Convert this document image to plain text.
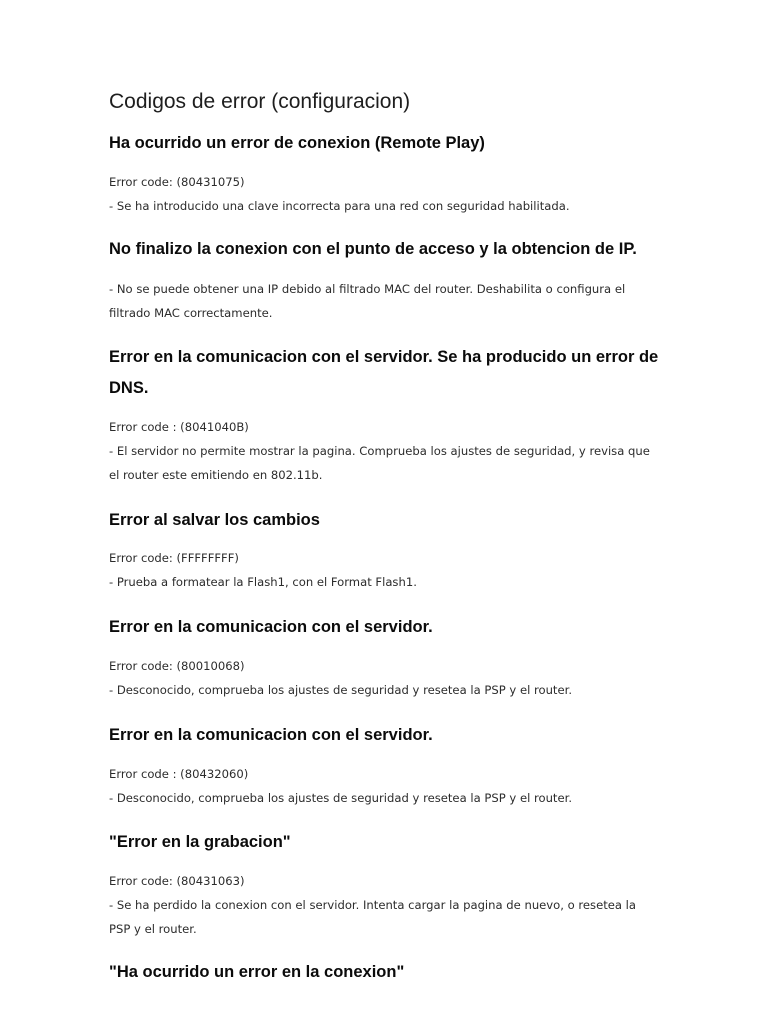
Codigos de error (configuracion)
Ha ocurrido un error de conexion (Remote Play)
Error code: (80431075)
- Se ha introducido una clave incorrecta para una red con seguridad habilitada.
No finalizo la conexion con el punto de acceso y la obtencion de IP.
- No se puede obtener una IP debido al filtrado MAC del router. Deshabilita o configura el
filtrado MAC correctamente.
Error en la comunicacion con el servidor. Se ha producido un error de
DNS.
Error code : (8041040B)
- El servidor no permite mostrar la pagina. Comprueba los ajustes de seguridad, y revisa que
el router este emitiendo en 802.11b.
Error al salvar los cambios
Error code: (FFFFFFFF)
- Prueba a formatear la Flash1, con el Format Flash1.
Error en la comunicacion con el servidor.
Error code: (80010068)
- Desconocido, comprueba los ajustes de seguridad y resetea la PSP y el router.
Error en la comunicacion con el servidor.
Error code : (80432060)
- Desconocido, comprueba los ajustes de seguridad y resetea la PSP y el router.
"Error en la grabacion"
Error code: (80431063)
- Se ha perdido la conexion con el servidor. Intenta cargar la pagina de nuevo, o resetea la
PSP y el router.
"Ha ocurrido un error en la conexion"
